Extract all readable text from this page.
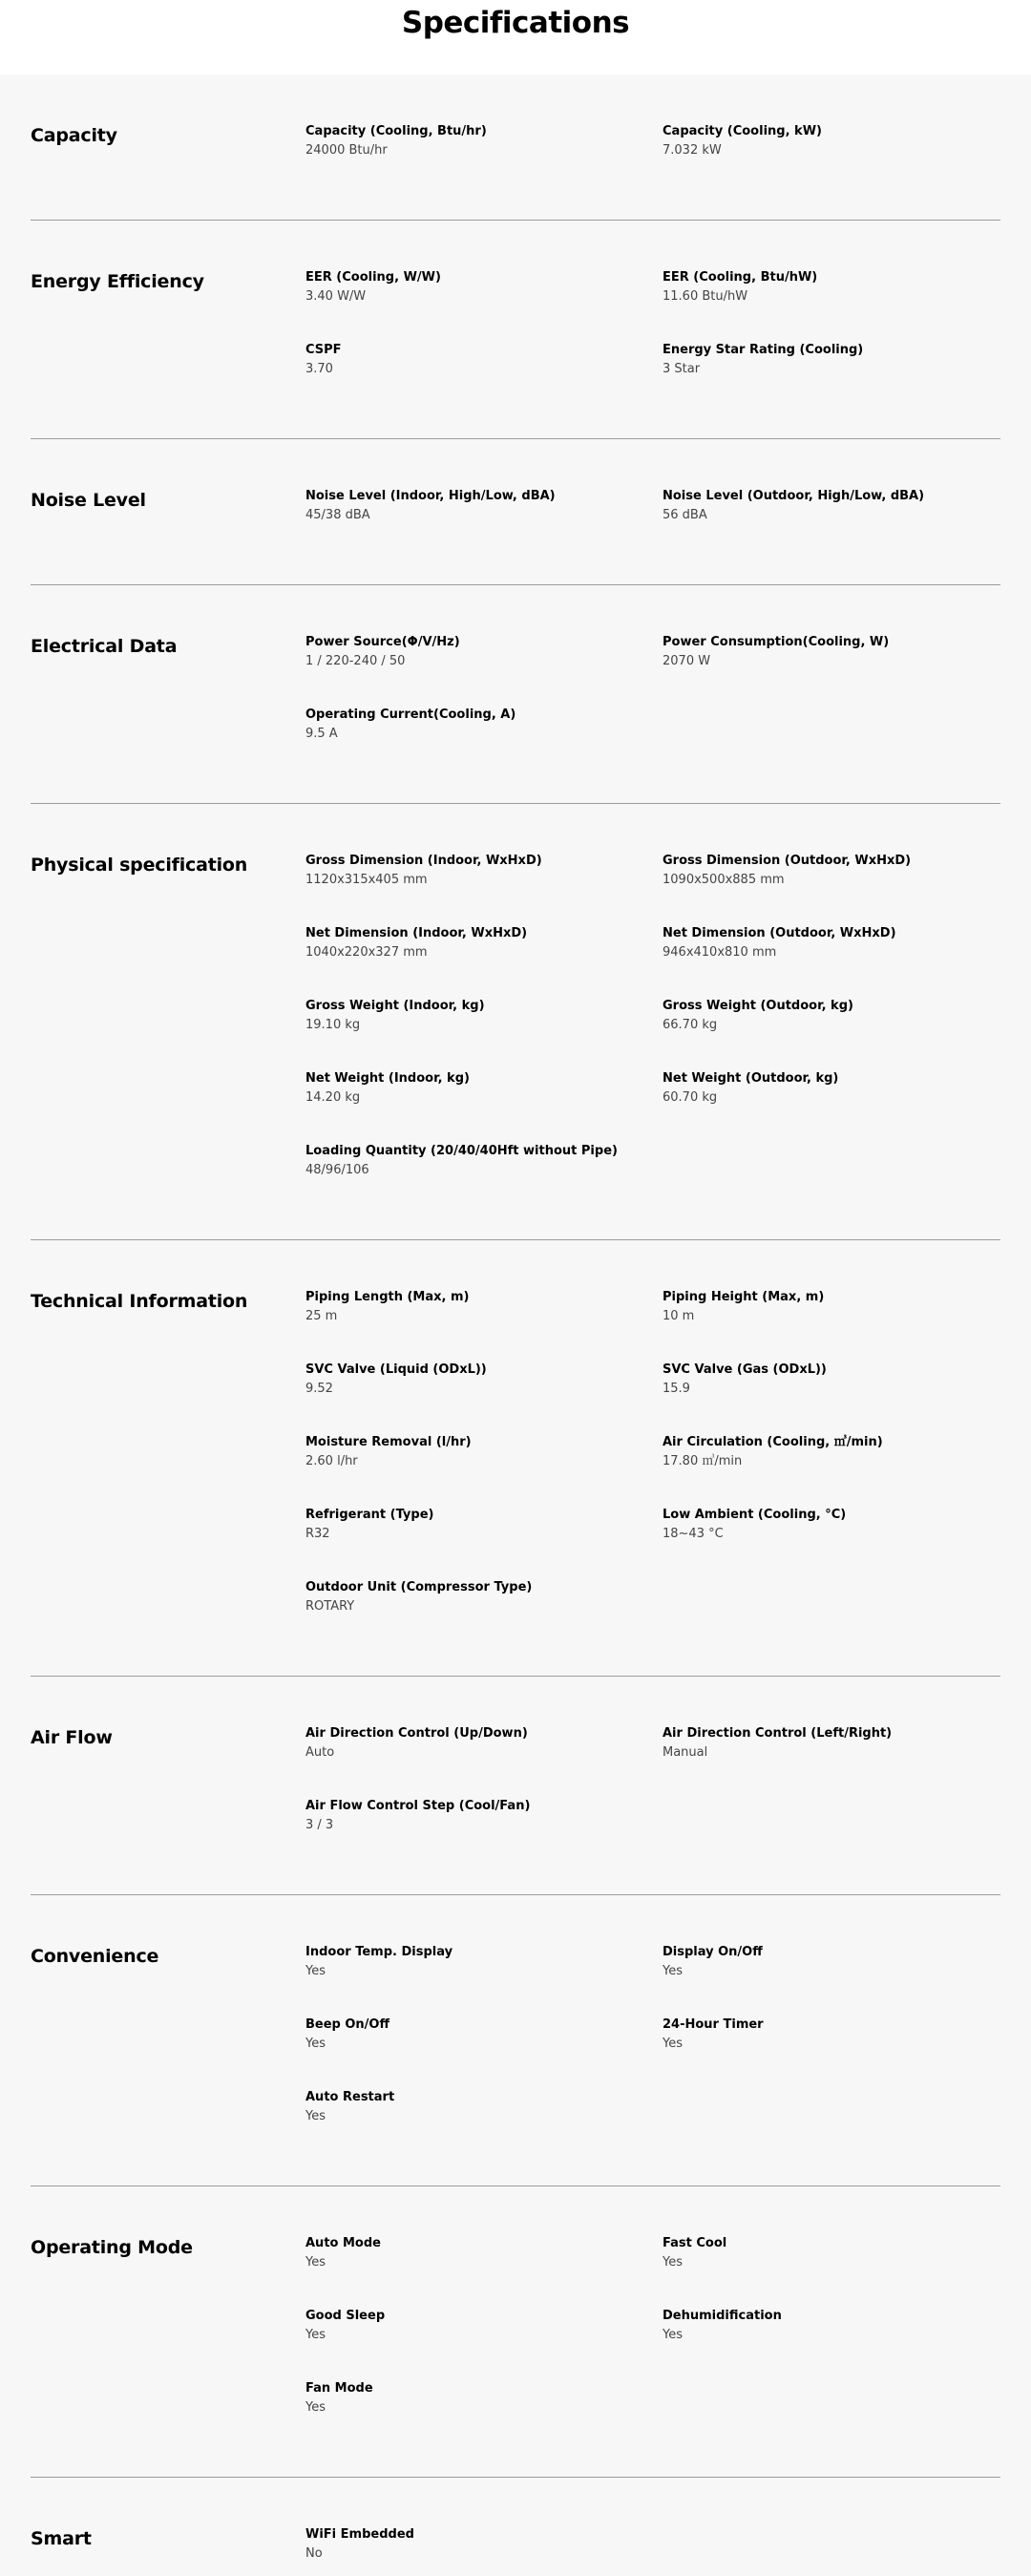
Specifications
Capacity	Capacity (Cooling, Btu/hr)
24000 Btu/hr
Capacity (Cooling, kW)
7.032 kW
Energy Efficiency	EER (Cooling, W/W)
3.40 W/W
EER (Cooling, Btu/hW)
11.60 Btu/hW
CSPF
3.70
Energy Star Rating (Cooling)
3 Star
Noise Level	Noise Level (Indoor, High/Low, dBA)
45/38 dBA
Noise Level (Outdoor, High/Low, dBA)
56 dBA
Electrical Data	Power Source(Φ/V/Hz)
1 / 220-240 / 50
Power Consumption(Cooling, W)
2070 W
Operating Current(Cooling, A)
9.5 A
Physical specification	Gross Dimension (Indoor, WxHxD)
1120x315x405 mm
Gross Dimension (Outdoor, WxHxD)
1090x500x885 mm
Net Dimension (Indoor, WxHxD)
1040x220x327 mm
Net Dimension (Outdoor, WxHxD)
946x410x810 mm
Gross Weight (Indoor, kg)
19.10 kg
Gross Weight (Outdoor, kg)
66.70 kg
Net Weight (Indoor, kg)
14.20 kg
Net Weight (Outdoor, kg)
60.70 kg
Loading Quantity (20/40/40Hft without Pipe)
48/96/106
Technical Information	Piping Length (Max, m)
25 m
Piping Height (Max, m)
10 m
SVC Valve (Liquid (ODxL))
9.52
SVC Valve (Gas (ODxL))
15.9
Moisture Removal (l/hr)
2.60 l/hr
Air Circulation (Cooling, ㎥/min)
17.80 ㎥/min
Refrigerant (Type)
R32
Low Ambient (Cooling, °C)
18~43 °C
Outdoor Unit (Compressor Type)
ROTARY
Air Flow	Air Direction Control (Up/Down)
Auto
Air Direction Control (Left/Right)
Manual
Air Flow Control Step (Cool/Fan)
3 / 3
Convenience	Indoor Temp. Display
Yes
Display On/Off
Yes
Beep On/Off
Yes
24-Hour Timer
Yes
Auto Restart
Yes
Operating Mode	Auto Mode
Yes
Fast Cool
Yes
Good Sleep
Yes
Dehumidification
Yes
Fan Mode
Yes
Smart	WiFi Embedded
No
